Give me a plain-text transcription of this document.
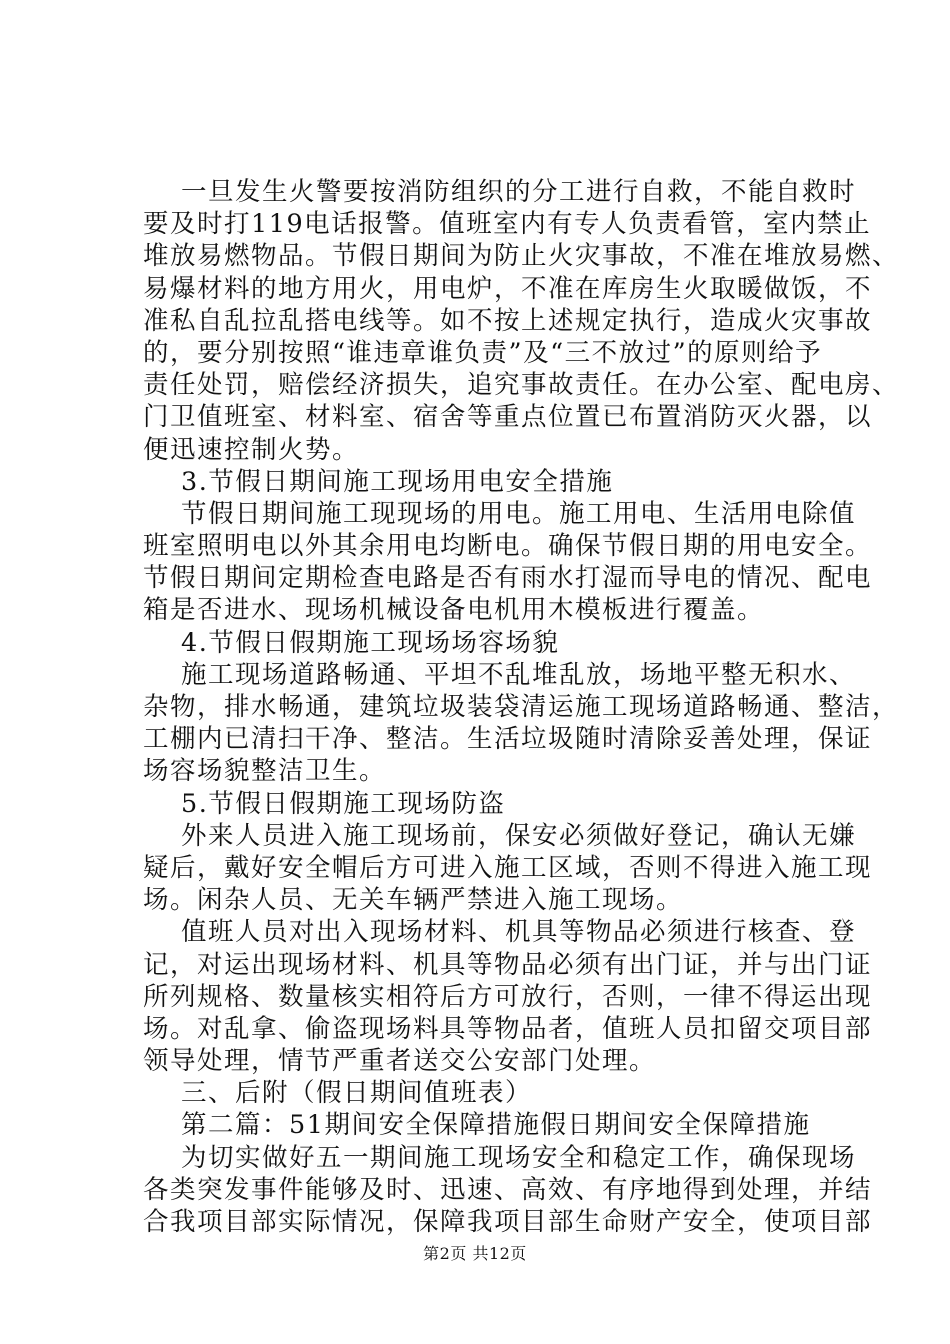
一旦发生火警要按消防组织的分工进行自救，不能自救时
要及时打119电话报警。值班室内有专人负责看管，室内禁止
堆放易燃物品。节假日期间为防止火灾事故，不准在堆放易燃、
易爆材料的地方用火，用电炉，不准在库房生火取暖做饭，不
准私自乱拉乱搭电线等。如不按上述规定执行，造成火灾事故
的，要分别按照“谁违章谁负责”及“三不放过”的原则给予
责任处罚，赔偿经济损失，追究事故责任。在办公室、配电房、
门卫值班室、材料室、宿舍等重点位置已布置消防灭火器，以
便迅速控制火势。
3.节假日期间施工现场用电安全措施
节假日期间施工现现场的用电。施工用电、生活用电除值
班室照明电以外其余用电均断电。确保节假日期的用电安全。
节假日期间定期检查电路是否有雨水打湿而导电的情况、配电
箱是否进水、现场机械设备电机用木模板进行覆盖。
4.节假日假期施工现场场容场貌
施工现场道路畅通、平坦不乱堆乱放，场地平整无积水、
杂物，排水畅通，建筑垃圾装袋清运施工现场道路畅通、整洁，
工棚内已清扫干净、整洁。生活垃圾随时清除妥善处理，保证
场容场貌整洁卫生。
5.节假日假期施工现场防盗
外来人员进入施工现场前，保安必须做好登记，确认无嫌
疑后，戴好安全帽后方可进入施工区域，否则不得进入施工现
场。闲杂人员、无关车辆严禁进入施工现场。
值班人员对出入现场材料、机具等物品必须进行核查、登
记，对运出现场材料、机具等物品必须有出门证，并与出门证
所列规格、数量核实相符后方可放行，否则，一律不得运出现
场。对乱拿、偷盗现场料具等物品者，值班人员扣留交项目部
领导处理，情节严重者送交公安部门处理。
三、后附（假日期间值班表）
第二篇：51期间安全保障措施假日期间安全保障措施
为切实做好五一期间施工现场安全和稳定工作，确保现场
各类突发事件能够及时、迅速、高效、有序地得到处理，并结
合我项目部实际情况，保障我项目部生命财产安全，使项目部
第2页 共12页
